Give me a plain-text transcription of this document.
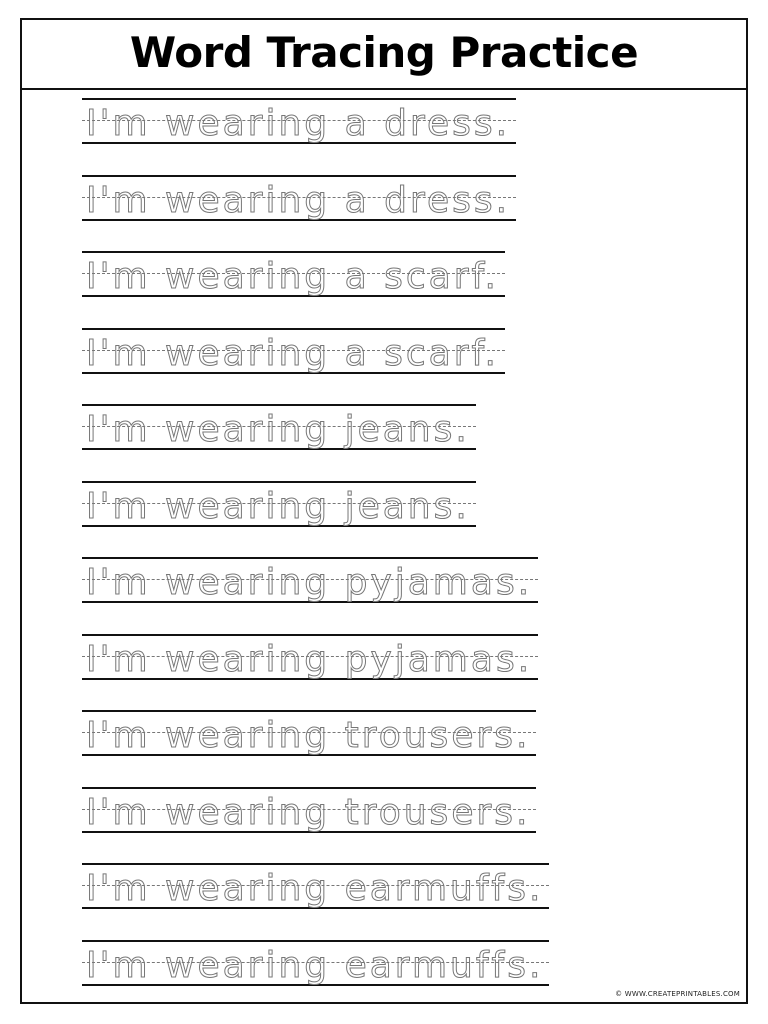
Word Tracing Practice
I'm wearing a dress.
I'm wearing a dress.
I'm wearing a scarf.
I'm wearing a scarf.
I'm wearing jeans.
I'm wearing jeans.
I'm wearing pyjamas.
I'm wearing pyjamas.
I'm wearing trousers.
I'm wearing trousers.
I'm wearing earmuffs.
I'm wearing earmuffs.
© WWW.CREATEPRINTABLES.COM
